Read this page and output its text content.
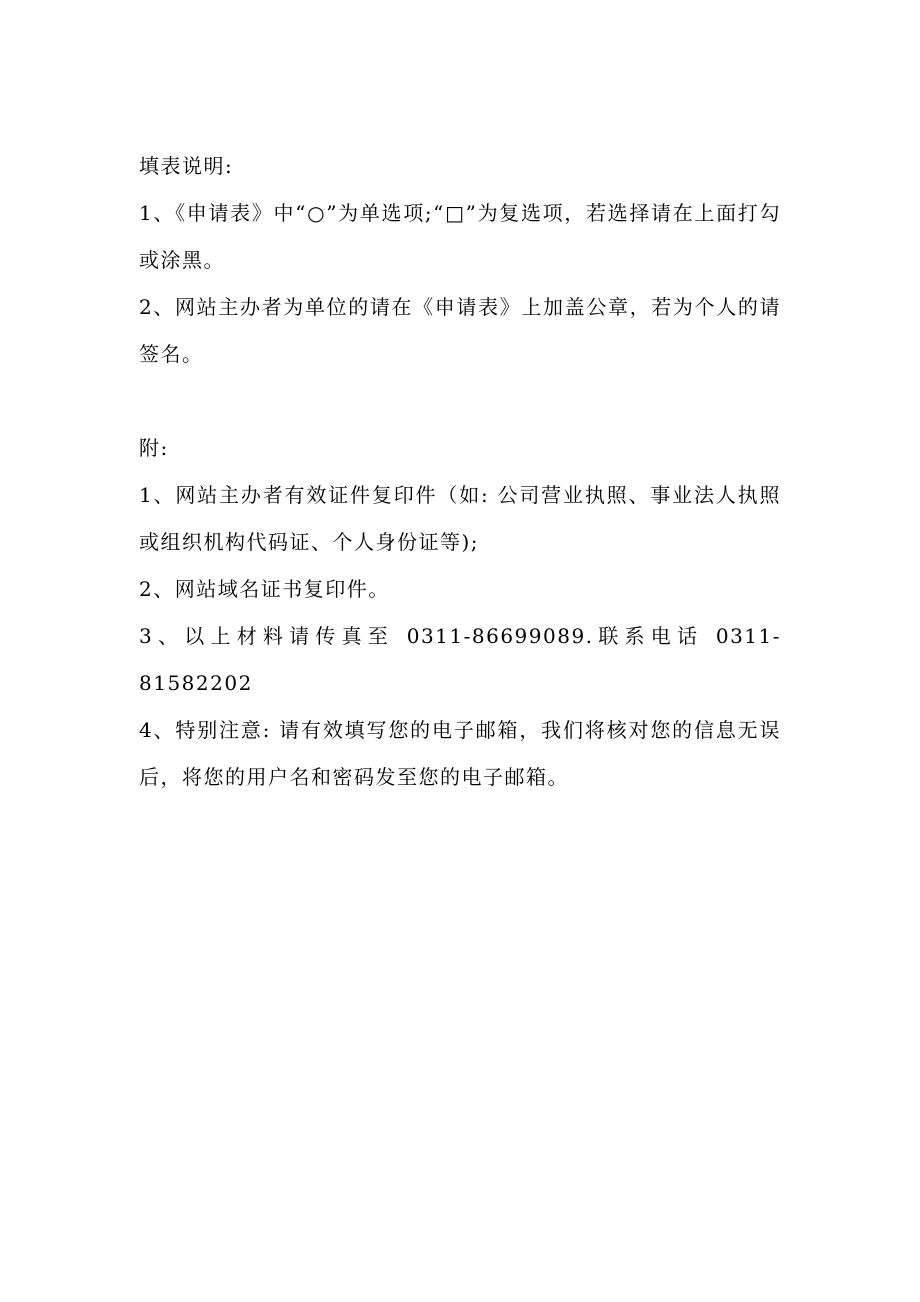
填表说明:

1、《申请表》中“○”为单选项;“□”为复选项，若选择请在上面打勾或涂黑。

2、网站主办者为单位的请在《申请表》上加盖公章，若为个人的请签名。

附:

1、网站主办者有效证件复印件（如: 公司营业执照、事业法人执照或组织机构代码证、个人身份证等);

2、网站域名证书复印件。

3、以上材料请传真至 0311-86699089.联系电话 0311-81582202

4、特别注意: 请有效填写您的电子邮箱，我们将核对您的信息无误后，将您的用户名和密码发至您的电子邮箱。
